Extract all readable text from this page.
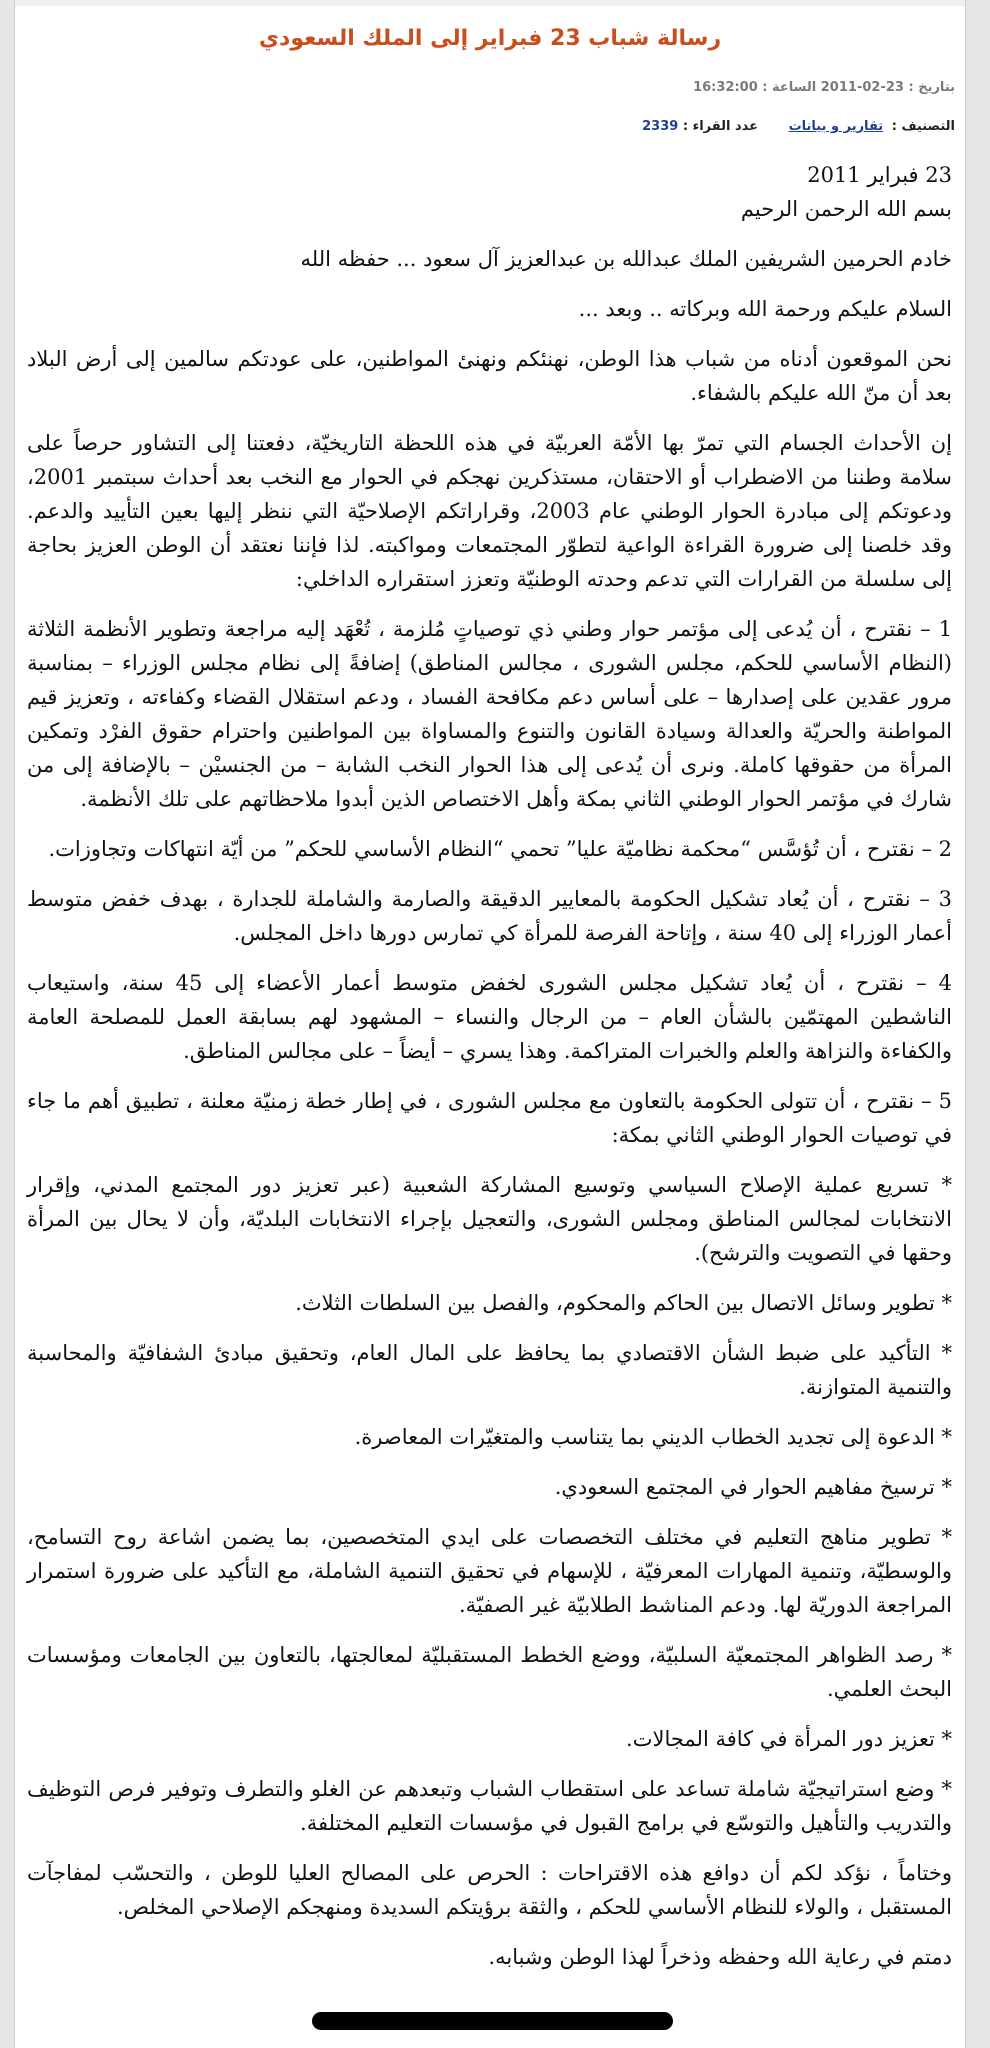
رسالة شباب 23 فبراير إلى الملك السعودي
بتاريخ : 23-02-2011 الساعة : 16:32:00
التصنيف : تقارير و بيانات عدد القراء : 2339

23 فبراير 2011

بسم الله الرحمن الرحيم

خادم الحرمين الشريفين الملك عبدالله بن عبدالعزيز آل سعود ... حفظه الله

السلام عليكم ورحمة الله وبركاته .. وبعد ...

نحن الموقعون أدناه من شباب هذا الوطن، نهنئكم ونهنئ المواطنين، على عودتكم سالمين إلى أرض البلاد بعد أن منّ الله عليكم بالشفاء.

إن الأحداث الجسام التي تمرّ بها الأمّة العربيّة في هذه اللحظة التاريخيّة، دفعتنا إلى التشاور حرصاً على سلامة وطننا من الاضطراب أو الاحتقان، مستذكرين نهجكم في الحوار مع النخب بعد أحداث سبتمبر 2001، ودعوتكم إلى مبادرة الحوار الوطني عام 2003، وقراراتكم الإصلاحيّة التي ننظر إليها بعين التأييد والدعم. وقد خلصنا إلى ضرورة القراءة الواعية لتطوّر المجتمعات ومواكبته. لذا فإننا نعتقد أن الوطن العزيز بحاجة إلى سلسلة من القرارات التي تدعم وحدته الوطنيّة وتعزز استقراره الداخلي:

1 – نقترح ، أن يُدعى إلى مؤتمر حوار وطني ذي توصياتٍ مُلزمة ، تُعْهَد إليه مراجعة وتطوير الأنظمة الثلاثة (النظام الأساسي للحكم، مجلس الشورى ، مجالس المناطق) إضافةً إلى نظام مجلس الوزراء – بمناسبة مرور عقدين على إصدارها – على أساس دعم مكافحة الفساد ، ودعم استقلال القضاء وكفاءته ، وتعزيز قيم المواطنة والحريّة والعدالة وسيادة القانون والتنوع والمساواة بين المواطنين واحترام حقوق الفرْد وتمكين المرأة من حقوقها كاملة. ونرى أن يُدعى إلى هذا الحوار النخب الشابة – من الجنسيْن – بالإضافة إلى من شارك في مؤتمر الحوار الوطني الثاني بمكة وأهل الاختصاص الذين أبدوا ملاحظاتهم على تلك الأنظمة.

2 – نقترح ، أن تُؤسَّس “محكمة نظاميّة عليا” تحمي “النظام الأساسي للحكم” من أيّة انتهاكات وتجاوزات.

3 – نقترح ، أن يُعاد تشكيل الحكومة بالمعايير الدقيقة والصارمة والشاملة للجدارة ، بهدف خفض متوسط أعمار الوزراء إلى 40 سنة ، وإتاحة الفرصة للمرأة كي تمارس دورها داخل المجلس.

4 – نقترح ، أن يُعاد تشكيل مجلس الشورى لخفض متوسط أعمار الأعضاء إلى 45 سنة، واستيعاب الناشطين المهتمّين بالشأن العام – من الرجال والنساء – المشهود لهم بسابقة العمل للمصلحة العامة والكفاءة والنزاهة والعلم والخبرات المتراكمة. وهذا يسري – أيضاً – على مجالس المناطق.

5 – نقترح ، أن تتولى الحكومة بالتعاون مع مجلس الشورى ، في إطار خطة زمنيّة معلنة ، تطبيق أهم ما جاء في توصيات الحوار الوطني الثاني بمكة:

* تسريع عملية الإصلاح السياسي وتوسيع المشاركة الشعبية (عبر تعزيز دور المجتمع المدني، وإقرار الانتخابات لمجالس المناطق ومجلس الشورى، والتعجيل بإجراء الانتخابات البلديّة، وأن لا يحال بين المرأة وحقها في التصويت والترشح).

* تطوير وسائل الاتصال بين الحاكم والمحكوم، والفصل بين السلطات الثلاث.

* التأكيد على ضبط الشأن الاقتصادي بما يحافظ على المال العام، وتحقيق مبادئ الشفافيّة والمحاسبة والتنمية المتوازنة.

* الدعوة إلى تجديد الخطاب الديني بما يتناسب والمتغيّرات المعاصرة.

* ترسيخ مفاهيم الحوار في المجتمع السعودي.

* تطوير مناهج التعليم في مختلف التخصصات على ايدي المتخصصين، بما يضمن اشاعة روح التسامح، والوسطيّة، وتنمية المهارات المعرفيّة ، للإسهام في تحقيق التنمية الشاملة، مع التأكيد على ضرورة استمرار المراجعة الدوريّة لها. ودعم المناشط الطلابيّة غير الصفيّة.

* رصد الظواهر المجتمعيّة السلبيّة، ووضع الخطط المستقبليّة لمعالجتها، بالتعاون بين الجامعات ومؤسسات البحث العلمي.

* تعزيز دور المرأة في كافة المجالات.

* وضع استراتيجيّة شاملة تساعد على استقطاب الشباب وتبعدهم عن الغلو والتطرف وتوفير فرص التوظيف والتدريب والتأهيل والتوسّع في برامج القبول في مؤسسات التعليم المختلفة.

وختاماً ، نؤكد لكم أن دوافع هذه الاقتراحات : الحرص على المصالح العليا للوطن ، والتحسّب لمفاجآت المستقبل ، والولاء للنظام الأساسي للحكم ، والثقة برؤيتكم السديدة ومنهجكم الإصلاحي المخلص.

دمتم في رعاية الله وحفظه وذخراً لهذا الوطن وشبابه.
